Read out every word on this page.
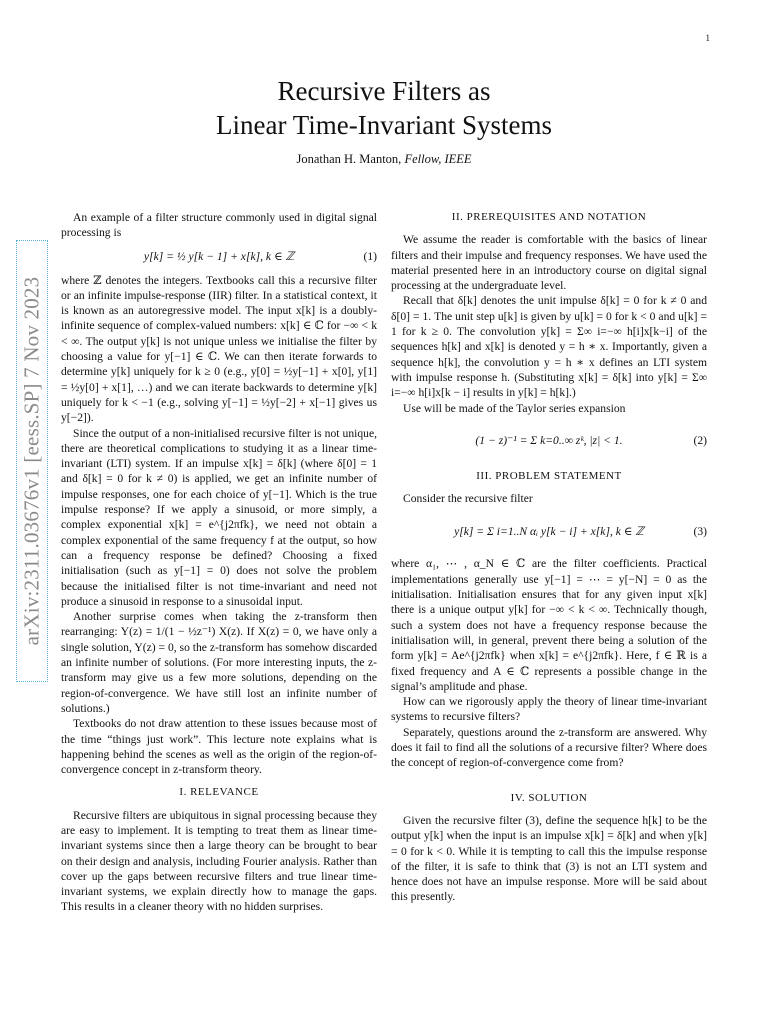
1
arXiv:2311.03676v1 [eess.SP] 7 Nov 2023
Recursive Filters as
Linear Time-Invariant Systems
Jonathan H. Manton, Fellow, IEEE

An example of a filter structure commonly used in digital signal processing is

y[k] = ½ y[k − 1] + x[k], k ∈ ℤ	(1)

where ℤ denotes the integers. Textbooks call this a recursive filter or an infinite impulse-response (IIR) filter. In a statistical context, it is known as an autoregressive model. The input x[k] is a doubly-infinite sequence of complex-valued numbers: x[k] ∈ ℂ for −∞ < k < ∞. The output y[k] is not unique unless we initialise the filter by choosing a value for y[−1] ∈ ℂ. We can then iterate forwards to determine y[k] uniquely for k ≥ 0 (e.g., y[0] = ½y[−1] + x[0], y[1] = ½y[0] + x[1], …) and we can iterate backwards to determine y[k] uniquely for k < −1 (e.g., solving y[−1] = ½y[−2] + x[−1] gives us y[−2]).

Since the output of a non-initialised recursive filter is not unique, there are theoretical complications to studying it as a linear time-invariant (LTI) system. If an impulse x[k] = δ[k] (where δ[0] = 1 and δ[k] = 0 for k ≠ 0) is applied, we get an infinite number of impulse responses, one for each choice of y[−1]. Which is the true impulse response? If we apply a sinusoid, or more simply, a complex exponential x[k] = e^{j2πfk}, we need not obtain a complex exponential of the same frequency f at the output, so how can a frequency response be defined? Choosing a fixed initialisation (such as y[−1] = 0) does not solve the problem because the initialised filter is not time-invariant and need not produce a sinusoid in response to a sinusoidal input.

Another surprise comes when taking the z-transform then rearranging: Y(z) = 1/(1 − ½z⁻¹) X(z). If X(z) = 0, we have only a single solution, Y(z) = 0, so the z-transform has somehow discarded an infinite number of solutions. (For more interesting inputs, the z-transform may give us a few more solutions, depending on the region-of-convergence. We have still lost an infinite number of solutions.)

Textbooks do not draw attention to these issues because most of the time “things just work”. This lecture note explains what is happening behind the scenes as well as the origin of the region-of-convergence concept in z-transform theory.

I. RELEVANCE

Recursive filters are ubiquitous in signal processing because they are easy to implement. It is tempting to treat them as linear time-invariant systems since then a large theory can be brought to bear on their design and analysis, including Fourier analysis. Rather than cover up the gaps between recursive filters and true linear time-invariant systems, we explain directly how to manage the gaps. This results in a cleaner theory with no hidden surprises.

II. PREREQUISITES AND NOTATION

We assume the reader is comfortable with the basics of linear filters and their impulse and frequency responses. We have used the material presented here in an introductory course on digital signal processing at the undergraduate level.

Recall that δ[k] denotes the unit impulse δ[k] = 0 for k ≠ 0 and δ[0] = 1. The unit step u[k] is given by u[k] = 0 for k < 0 and u[k] = 1 for k ≥ 0. The convolution y[k] = Σ∞ i=−∞ h[i]x[k−i] of the sequences h[k] and x[k] is denoted y = h ∗ x. Importantly, given a sequence h[k], the convolution y = h ∗ x defines an LTI system with impulse response h. (Substituting x[k] = δ[k] into y[k] = Σ∞ i=−∞ h[i]x[k − i] results in y[k] = h[k].)

Use will be made of the Taylor series expansion

(1 − z)⁻¹ = Σ k=0..∞ zᵏ, |z| < 1.	(2)
III. PROBLEM STATEMENT

Consider the recursive filter

y[k] = Σ i=1..N αᵢ y[k − i] + x[k], k ∈ ℤ	(3)

where α₁, ⋯ , α_N ∈ ℂ are the filter coefficients. Practical implementations generally use y[−1] = ⋯ = y[−N] = 0 as the initialisation. Initialisation ensures that for any given input x[k] there is a unique output y[k] for −∞ < k < ∞. Technically though, such a system does not have a frequency response because the initialisation will, in general, prevent there being a solution of the form y[k] = Ae^{j2πfk} when x[k] = e^{j2πfk}. Here, f ∈ ℝ is a fixed frequency and A ∈ ℂ represents a possible change in the signal’s amplitude and phase.

How can we rigorously apply the theory of linear time-invariant systems to recursive filters?

Separately, questions around the z-transform are answered. Why does it fail to find all the solutions of a recursive filter? Where does the concept of region-of-convergence come from?

IV. SOLUTION

Given the recursive filter (3), define the sequence h[k] to be the output y[k] when the input is an impulse x[k] = δ[k] and when y[k] = 0 for k < 0. While it is tempting to call this the impulse response of the filter, it is safe to think that (3) is not an LTI system and hence does not have an impulse response. More will be said about this presently.
